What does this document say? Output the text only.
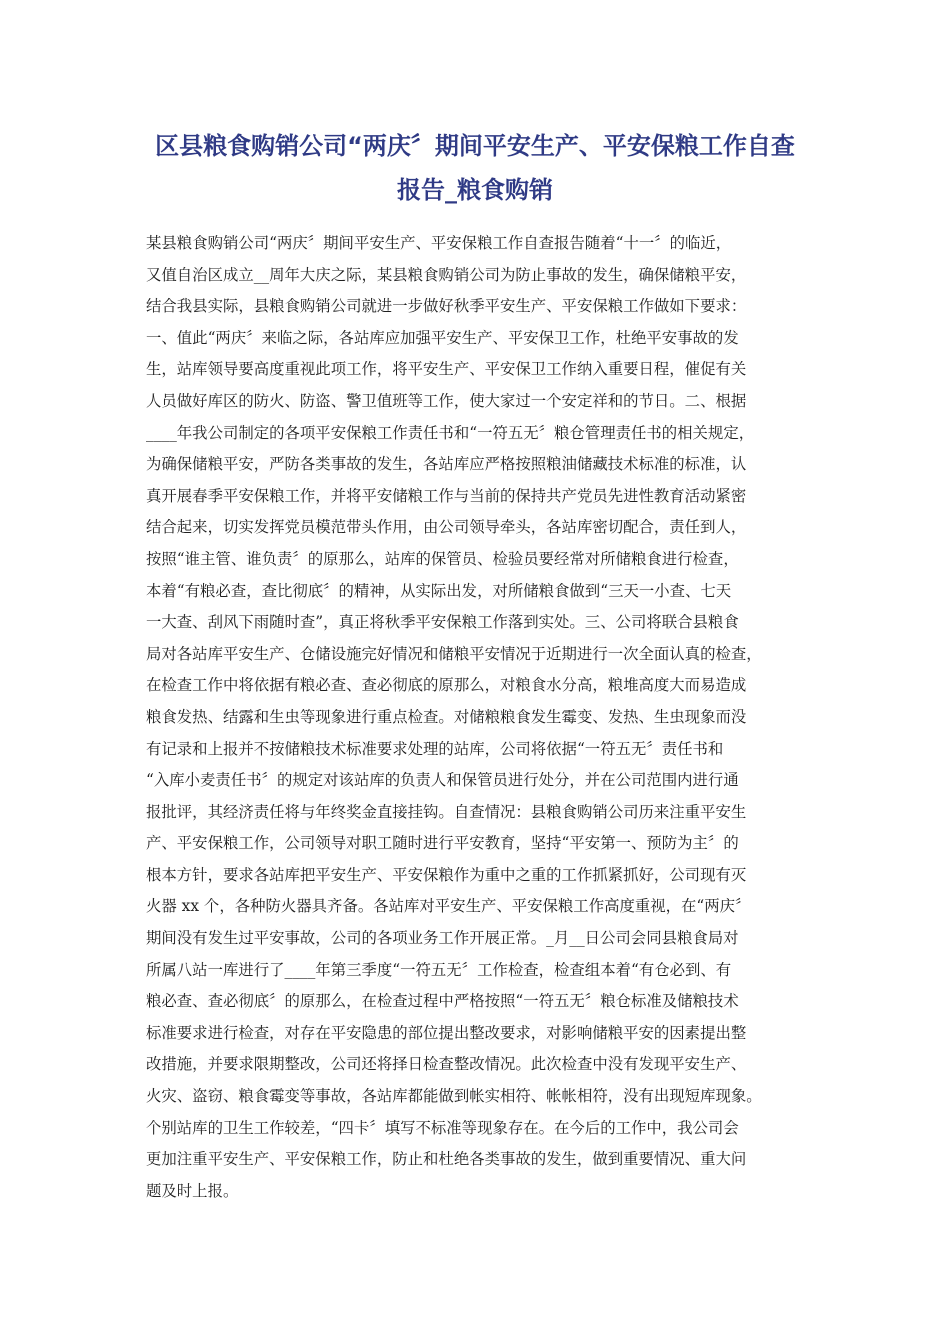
区县粮食购销公司“两庆〞期间平安生产、平安保粮工作自查
报告_粮食购销
某县粮食购销公司“两庆〞期间平安生产、平安保粮工作自查报告随着“十一〞的临近，
又值自治区成立__周年大庆之际，某县粮食购销公司为防止事故的发生，确保储粮平安，
结合我县实际，县粮食购销公司就进一步做好秋季平安生产、平安保粮工作做如下要求：
一、值此“两庆〞来临之际，各站库应加强平安生产、平安保卫工作，杜绝平安事故的发
生，站库领导要高度重视此项工作，将平安生产、平安保卫工作纳入重要日程，催促有关
人员做好库区的防火、防盗、警卫值班等工作，使大家过一个安定祥和的节日。二、根据
____年我公司制定的各项平安保粮工作责任书和“一符五无〞粮仓管理责任书的相关规定，
为确保储粮平安，严防各类事故的发生，各站库应严格按照粮油储藏技术标准的标准，认
真开展春季平安保粮工作，并将平安储粮工作与当前的保持共产党员先进性教育活动紧密
结合起来，切实发挥党员模范带头作用，由公司领导牵头，各站库密切配合，责任到人，
按照“谁主管、谁负责〞的原那么，站库的保管员、检验员要经常对所储粮食进行检查，
本着“有粮必查，查比彻底〞的精神，从实际出发，对所储粮食做到“三天一小查、七天
一大查、刮风下雨随时查”，真正将秋季平安保粮工作落到实处。三、公司将联合县粮食
局对各站库平安生产、仓储设施完好情况和储粮平安情况于近期进行一次全面认真的检查，
在检查工作中将依据有粮必查、查必彻底的原那么，对粮食水分高，粮堆高度大而易造成
粮食发热、结露和生虫等现象进行重点检查。对储粮粮食发生霉变、发热、生虫现象而没
有记录和上报并不按储粮技术标准要求处理的站库，公司将依据“一符五无〞责任书和
“入库小麦责任书〞的规定对该站库的负责人和保管员进行处分，并在公司范围内进行通
报批评，其经济责任将与年终奖金直接挂钩。自查情况：县粮食购销公司历来注重平安生
产、平安保粮工作，公司领导对职工随时进行平安教育，坚持“平安第一、预防为主〞的
根本方针，要求各站库把平安生产、平安保粮作为重中之重的工作抓紧抓好，公司现有灭
火器 xx 个，各种防火器具齐备。各站库对平安生产、平安保粮工作高度重视，在“两庆〞
期间没有发生过平安事故，公司的各项业务工作开展正常。_月__日公司会同县粮食局对
所属八站一库进行了____年第三季度“一符五无〞工作检查，检查组本着“有仓必到、有
粮必查、查必彻底〞的原那么，在检查过程中严格按照“一符五无〞粮仓标准及储粮技术
标准要求进行检查，对存在平安隐患的部位提出整改要求，对影响储粮平安的因素提出整
改措施，并要求限期整改，公司还将择日检查整改情况。此次检查中没有发现平安生产、
火灾、盗窃、粮食霉变等事故，各站库都能做到帐实相符、帐帐相符，没有出现短库现象。
个别站库的卫生工作较差，“四卡〞填写不标准等现象存在。在今后的工作中，我公司会
更加注重平安生产、平安保粮工作，防止和杜绝各类事故的发生，做到重要情况、重大问
题及时上报。
